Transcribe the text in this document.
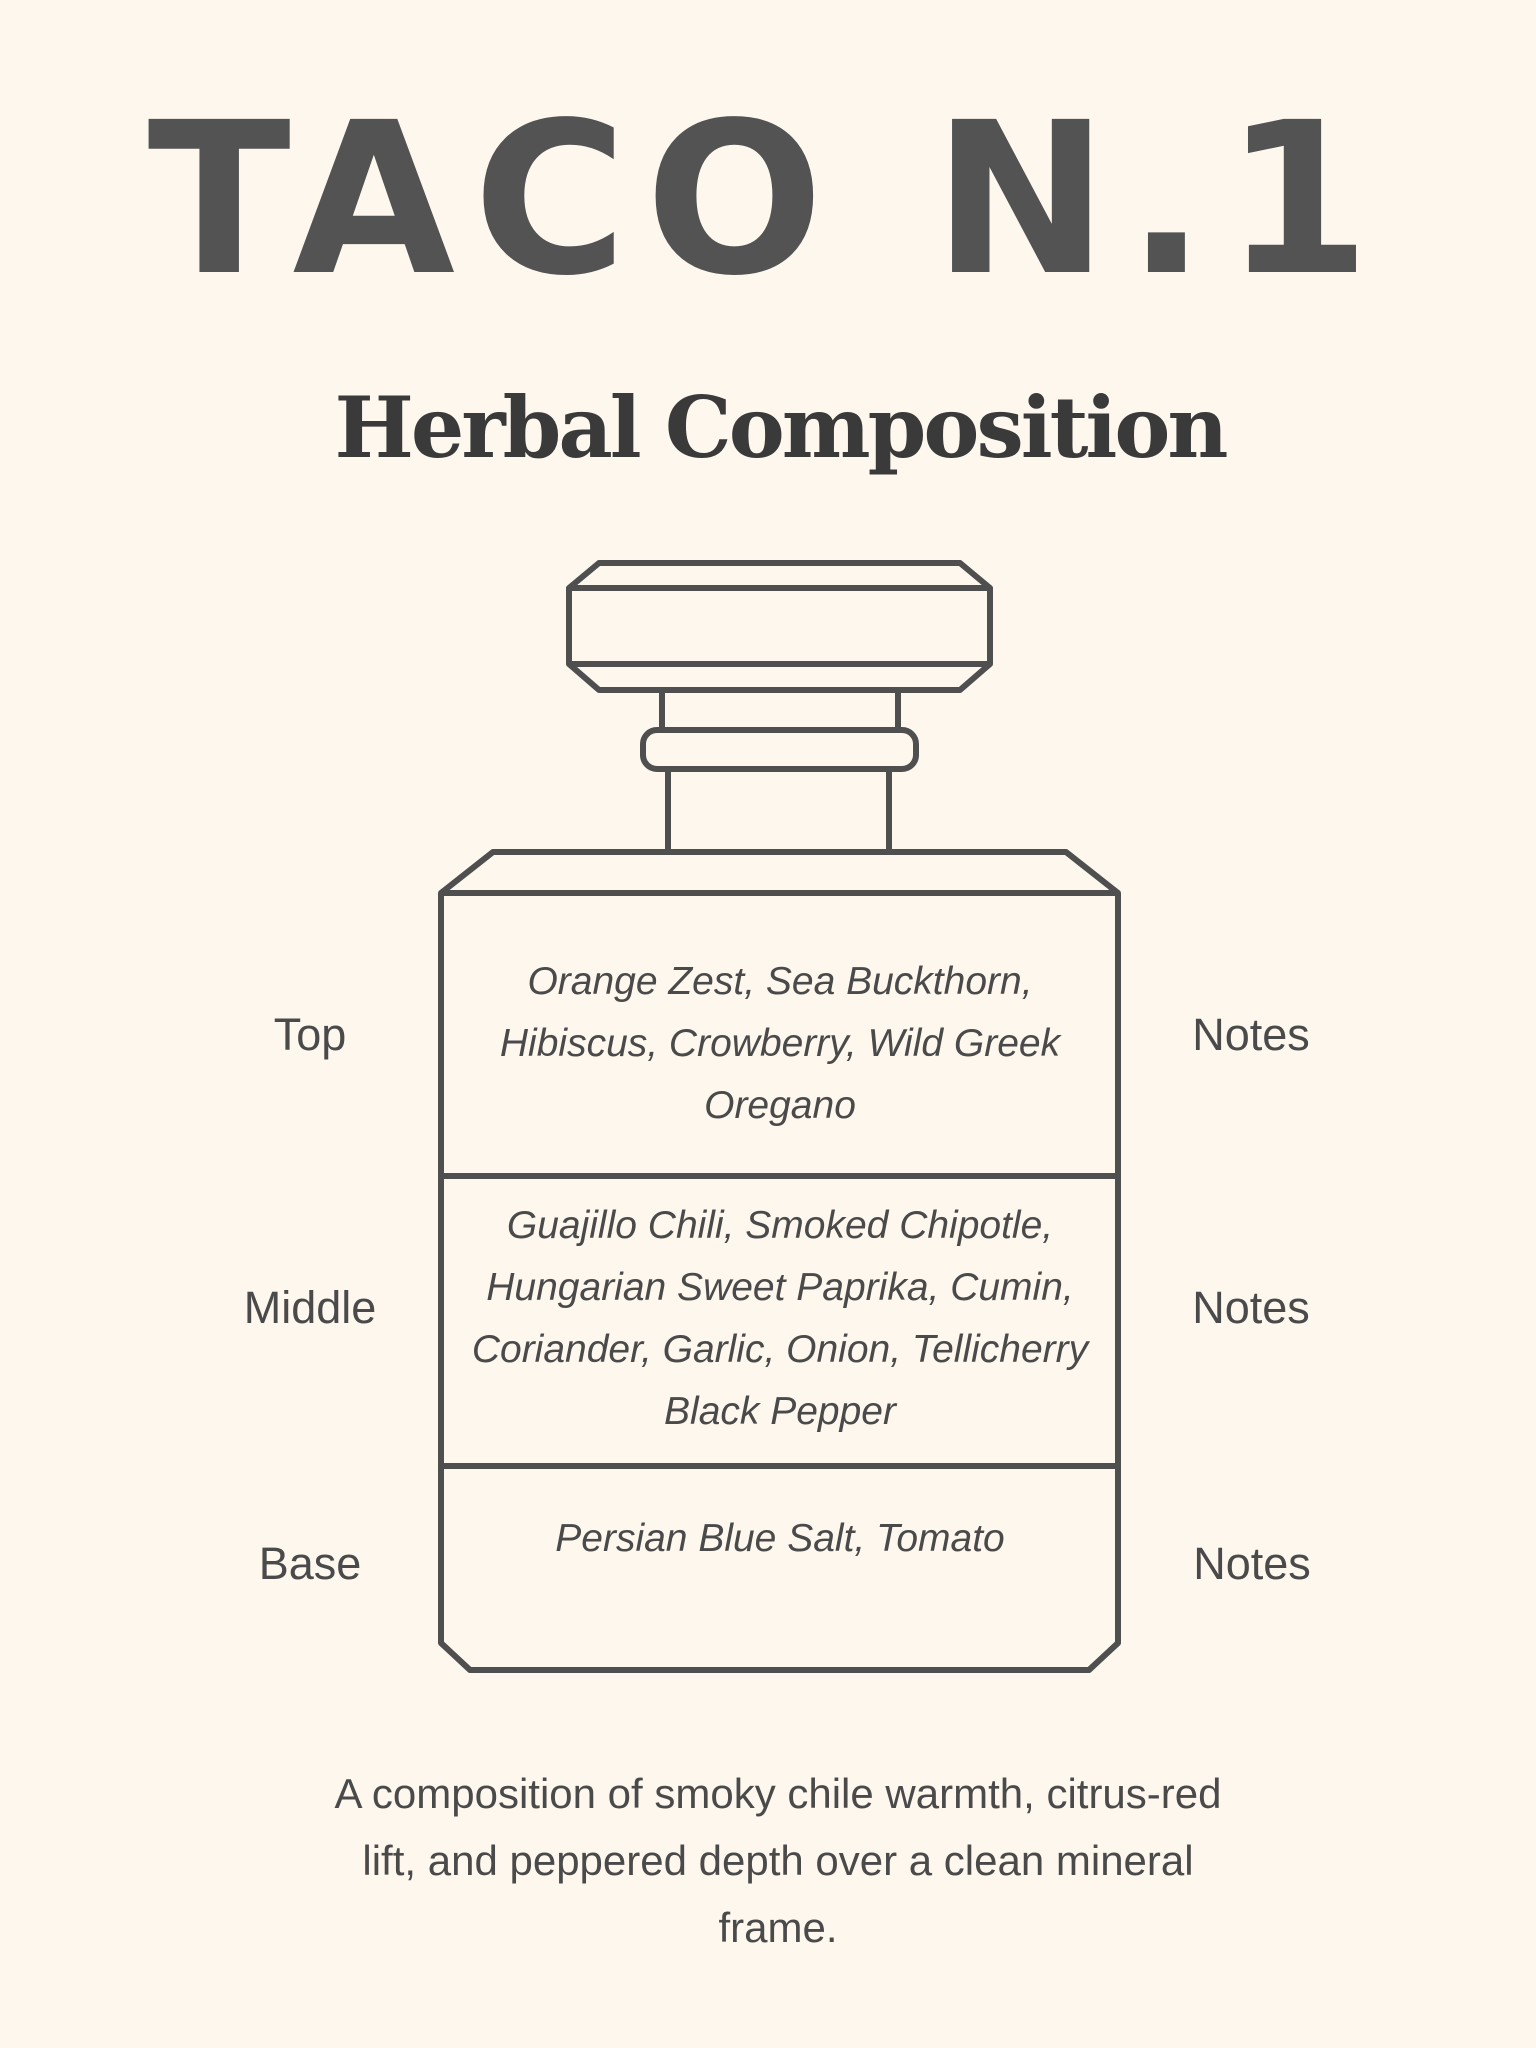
TACO N.1
Herbal Composition
Top
Orange Zest, Sea Buckthorn, Hibiscus, Crowberry, Wild Greek Oregano
Notes
Middle
Guajillo Chili, Smoked Chipotle, Hungarian Sweet Paprika, Cumin, Coriander, Garlic, Onion, Tellicherry Black Pepper
Notes
Base	Persian Blue Salt, Tomato	Notes

A composition of smoky chile warmth, citrus-red lift, and peppered depth over a clean mineral frame.
